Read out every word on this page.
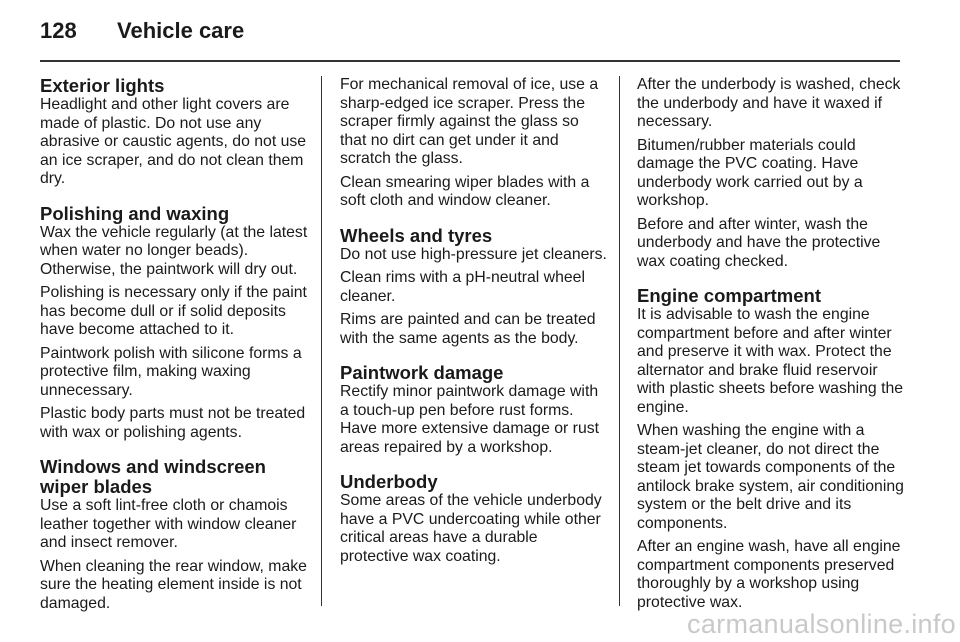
128	Vehicle care
Exterior lights

Headlight and other light covers are made of plastic. Do not use any abrasive or caustic agents, do not use an ice scraper, and do not clean them dry.

Polishing and waxing

Wax the vehicle regularly (at the latest when water no longer beads). Otherwise, the paintwork will dry out.

Polishing is necessary only if the paint has become dull or if solid deposits have become attached to it.

Paintwork polish with silicone forms a protective film, making waxing unnecessary.

Plastic body parts must not be treated with wax or polishing agents.

Windows and windscreen wiper blades

Use a soft lint-free cloth or chamois leather together with window cleaner and insect remover.

When cleaning the rear window, make sure the heating element inside is not damaged.

For mechanical removal of ice, use a sharp-edged ice scraper. Press the scraper firmly against the glass so that no dirt can get under it and scratch the glass.

Clean smearing wiper blades with a soft cloth and window cleaner.

Wheels and tyres

Do not use high-pressure jet cleaners.

Clean rims with a pH-neutral wheel cleaner.

Rims are painted and can be treated with the same agents as the body.

Paintwork damage

Rectify minor paintwork damage with a touch-up pen before rust forms. Have more extensive damage or rust areas repaired by a workshop.

Underbody

Some areas of the vehicle underbody have a PVC undercoating while other critical areas have a durable protective wax coating.

After the underbody is washed, check the underbody and have it waxed if necessary.

Bitumen/rubber materials could damage the PVC coating. Have underbody work carried out by a workshop.

Before and after winter, wash the underbody and have the protective wax coating checked.

Engine compartment

It is advisable to wash the engine compartment before and after winter and preserve it with wax. Protect the alternator and brake fluid reservoir with plastic sheets before washing the engine.

When washing the engine with a steam-jet cleaner, do not direct the steam jet towards components of the antilock brake system, air conditioning system or the belt drive and its components.

After an engine wash, have all engine compartment components preserved thoroughly by a workshop using protective wax.

carmanualsonline.info
